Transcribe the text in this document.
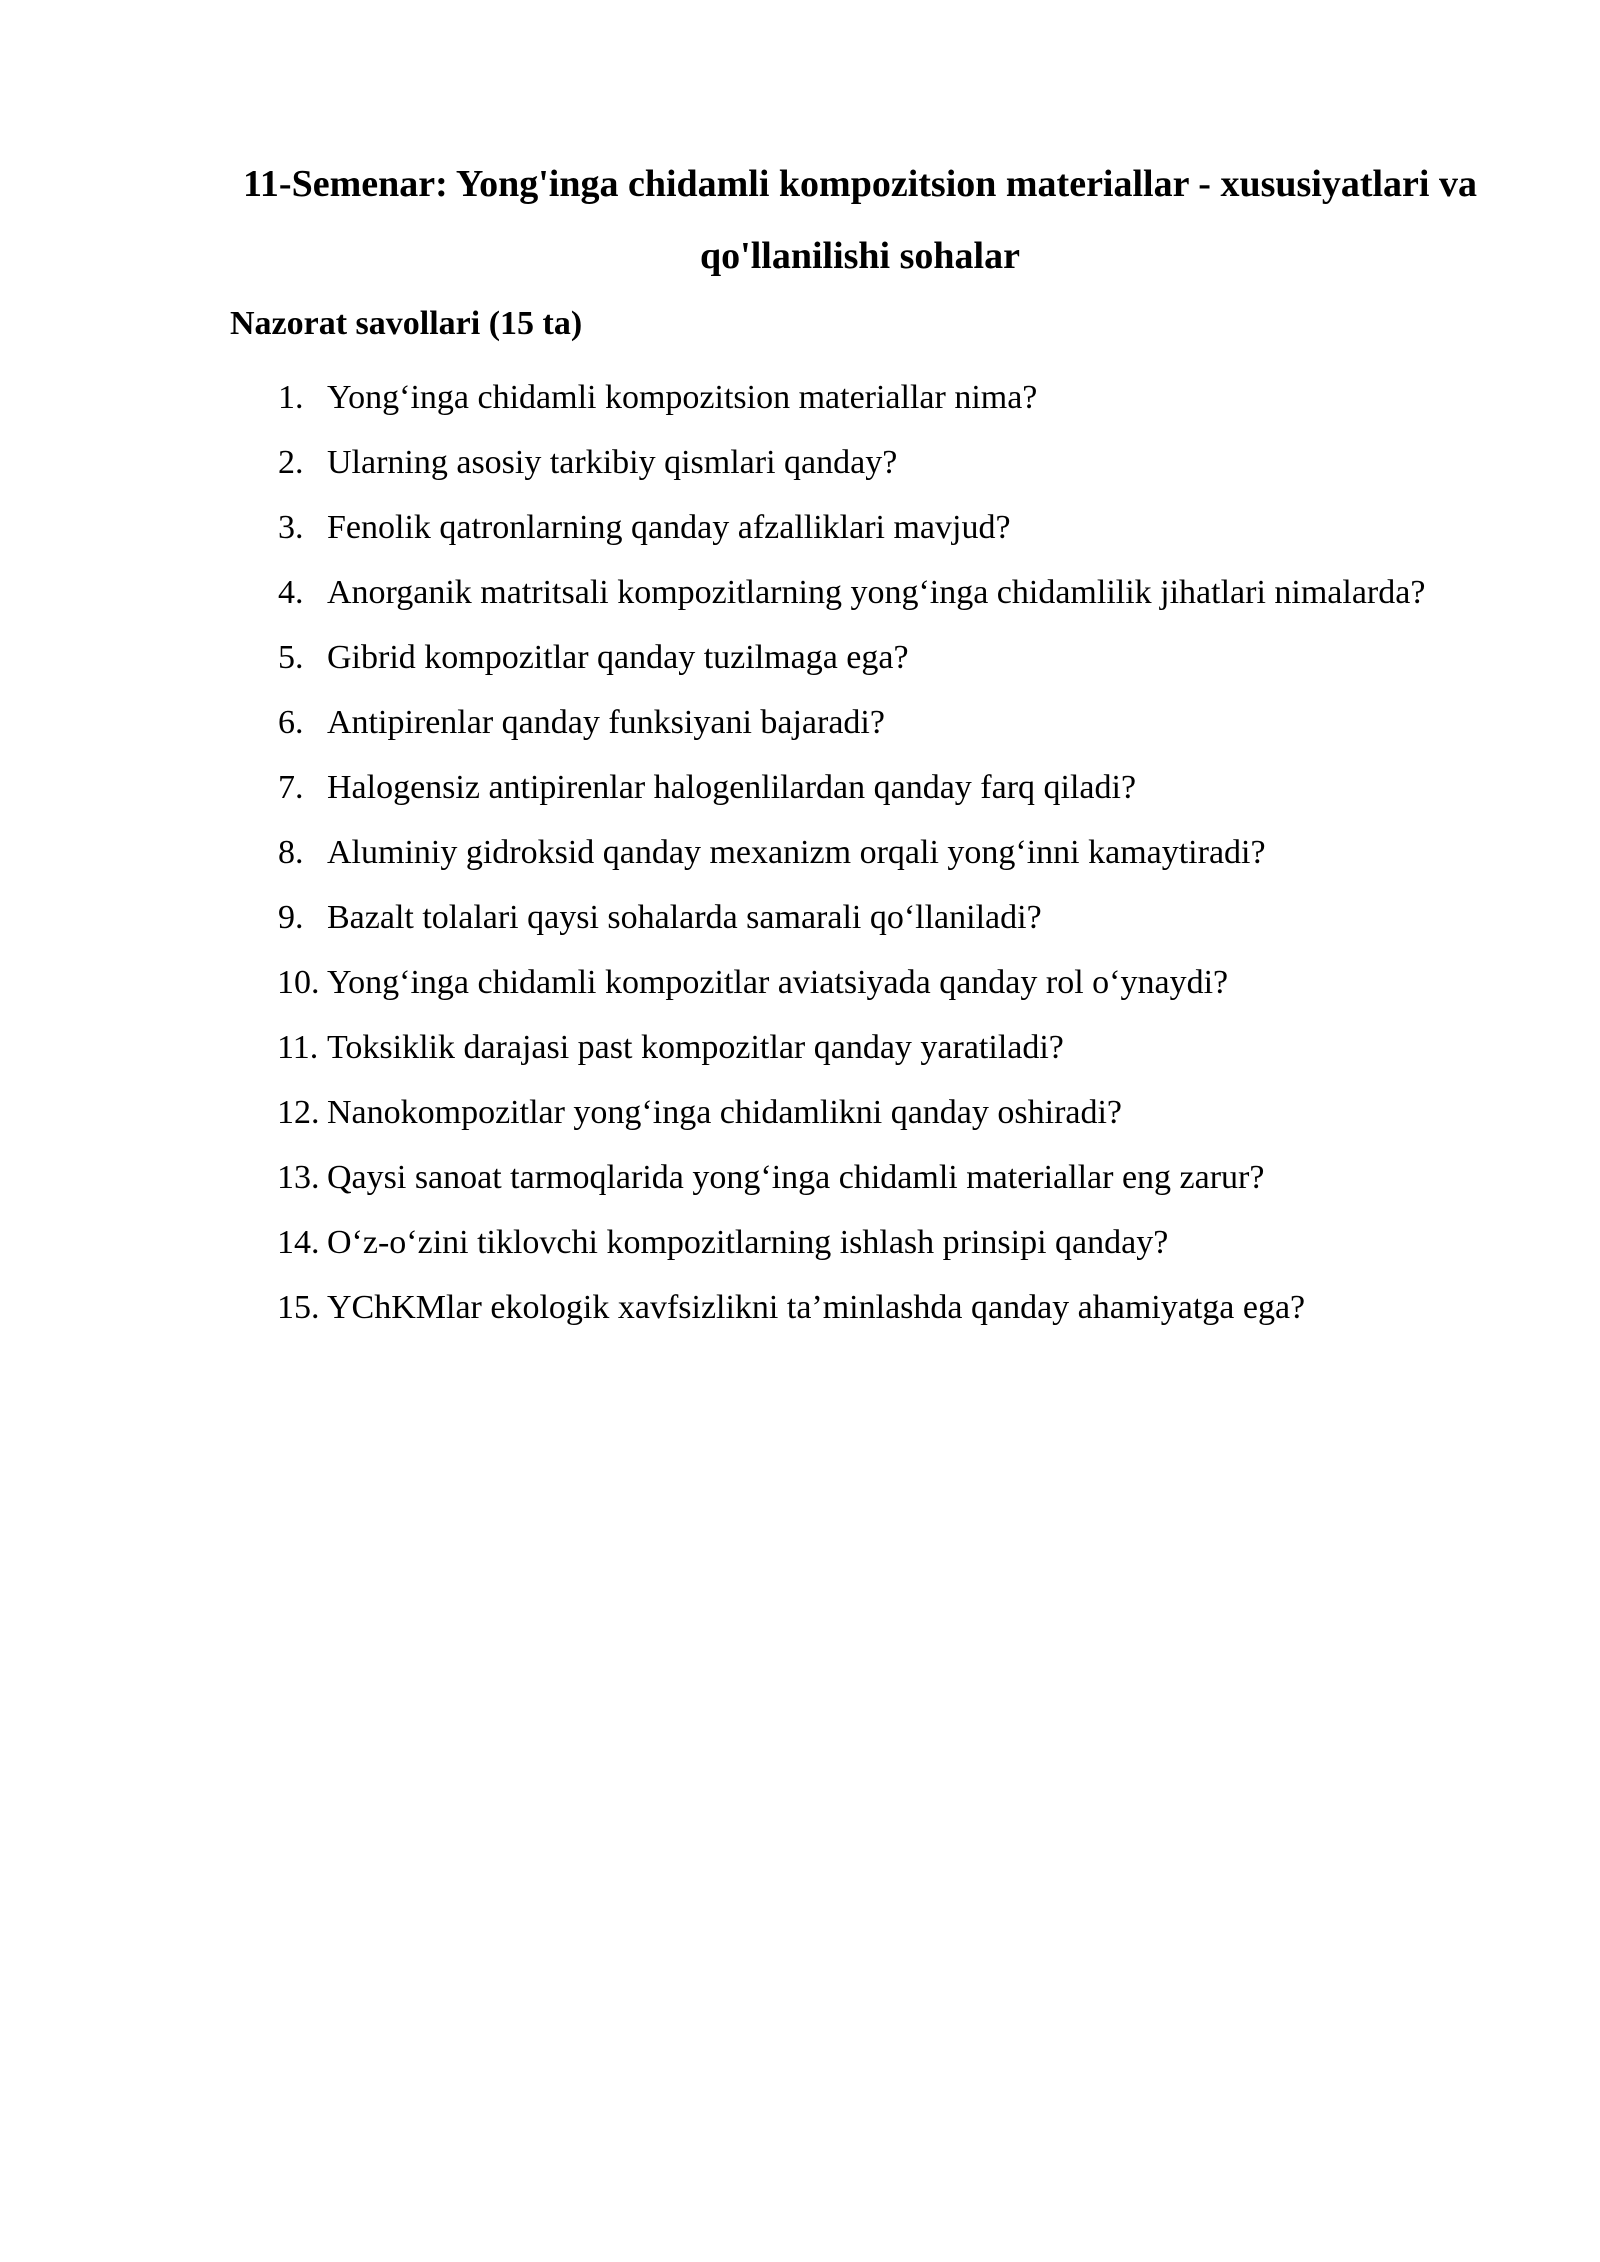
11-Semenar: Yong'inga chidamli kompozitsion materiallar - xususiyatlari va qo'llanilishi sohalar
Nazorat savollari (15 ta)
1. Yong‘inga chidamli kompozitsion materiallar nima?
2. Ularning asosiy tarkibiy qismlari qanday?
3. Fenolik qatronlarning qanday afzalliklari mavjud?
4. Anorganik matritsali kompozitlarning yong‘inga chidamlilik jihatlari nimalarda?
5. Gibrid kompozitlar qanday tuzilmaga ega?
6. Antipirenlar qanday funksiyani bajaradi?
7. Halogensiz antipirenlar halogenlilardan qanday farq qiladi?
8. Aluminiy gidroksid qanday mexanizm orqali yong‘inni kamaytiradi?
9. Bazalt tolalari qaysi sohalarda samarali qo‘llaniladi?
10. Yong‘inga chidamli kompozitlar aviatsiyada qanday rol o‘ynaydi?
11. Toksiklik darajasi past kompozitlar qanday yaratiladi?
12. Nanokompozitlar yong‘inga chidamlikni qanday oshiradi?
13. Qaysi sanoat tarmoqlarida yong‘inga chidamli materiallar eng zarur?
14. O‘z-o‘zini tiklovchi kompozitlarning ishlash prinsipi qanday?
15. YChKMlar ekologik xavfsizlikni ta’minlashda qanday ahamiyatga ega?
